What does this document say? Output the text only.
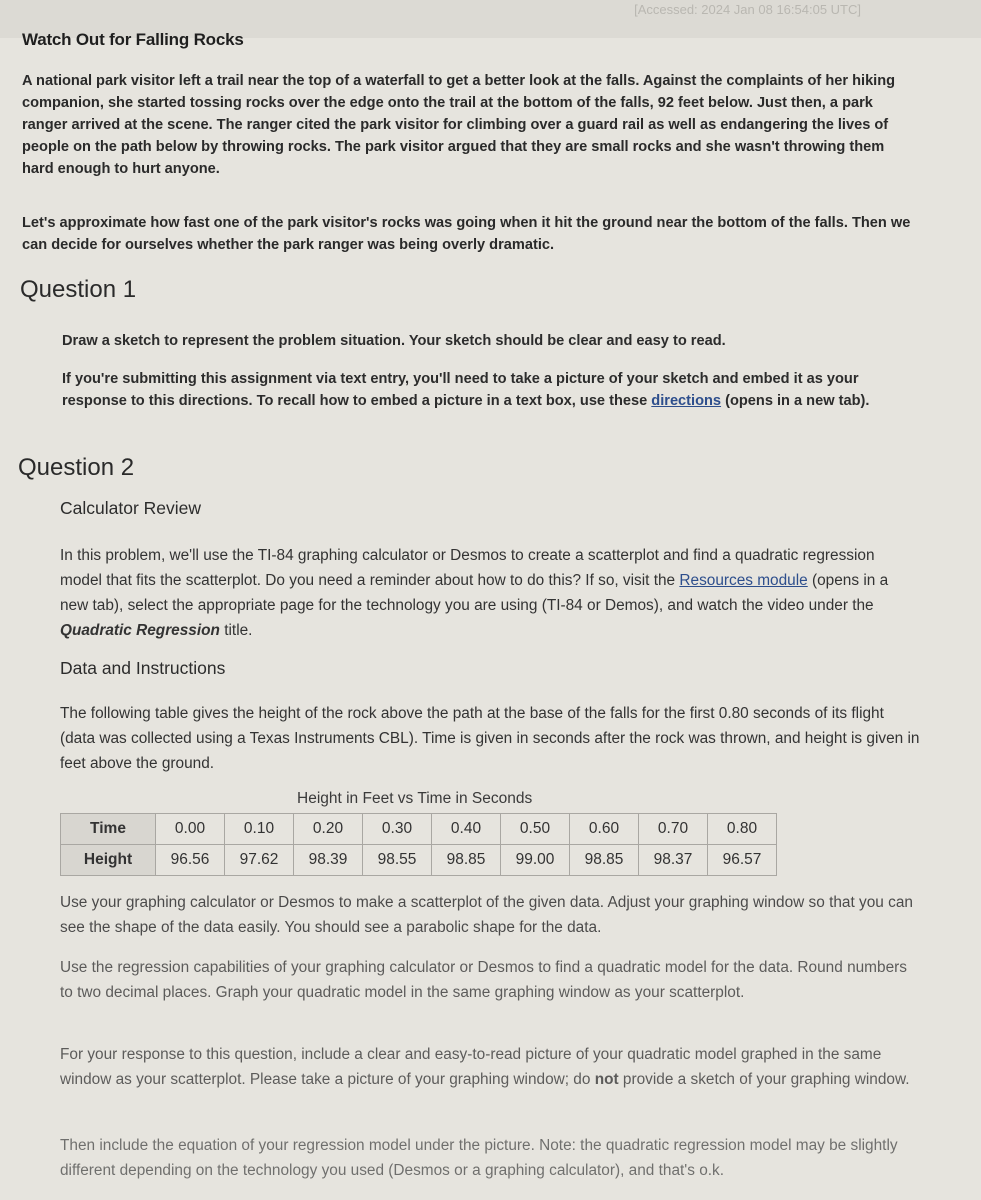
[Accessed: 2024 Jan 08 16:54:05 UTC]
Watch Out for Falling Rocks
A national park visitor left a trail near the top of a waterfall to get a better look at the falls. Against the complaints of her hiking companion, she started tossing rocks over the edge onto the trail at the bottom of the falls, 92 feet below. Just then, a park ranger arrived at the scene. The ranger cited the park visitor for climbing over a guard rail as well as endangering the lives of people on the path below by throwing rocks. The park visitor argued that they are small rocks and she wasn't throwing them hard enough to hurt anyone.
Let's approximate how fast one of the park visitor's rocks was going when it hit the ground near the bottom of the falls. Then we can decide for ourselves whether the park ranger was being overly dramatic.
Question 1
Draw a sketch to represent the problem situation. Your sketch should be clear and easy to read.
If you're submitting this assignment via text entry, you'll need to take a picture of your sketch and embed it as your response to this directions. To recall how to embed a picture in a text box, use these directions (opens in a new tab).
Question 2
Calculator Review
In this problem, we'll use the TI-84 graphing calculator or Desmos to create a scatterplot and find a quadratic regression model that fits the scatterplot. Do you need a reminder about how to do this? If so, visit the Resources module (opens in a new tab), select the appropriate page for the technology you are using (TI-84 or Demos), and watch the video under the Quadratic Regression title.
Data and Instructions
The following table gives the height of the rock above the path at the base of the falls for the first 0.80 seconds of its flight (data was collected using a Texas Instruments CBL). Time is given in seconds after the rock was thrown, and height is given in feet above the ground.
Height in Feet vs Time in Seconds
Time	0.00	0.10	0.20	0.30	0.40	0.50	0.60	0.70	0.80
Height	96.56	97.62	98.39	98.55	98.85	99.00	98.85	98.37	96.57
Use your graphing calculator or Desmos to make a scatterplot of the given data. Adjust your graphing window so that you can see the shape of the data easily. You should see a parabolic shape for the data.
Use the regression capabilities of your graphing calculator or Desmos to find a quadratic model for the data. Round numbers to two decimal places. Graph your quadratic model in the same graphing window as your scatterplot.
For your response to this question, include a clear and easy-to-read picture of your quadratic model graphed in the same window as your scatterplot. Please take a picture of your graphing window; do not provide a sketch of your graphing window.
Then include the equation of your regression model under the picture. Note: the quadratic regression model may be slightly different depending on the technology you used (Desmos or a graphing calculator), and that's o.k.
